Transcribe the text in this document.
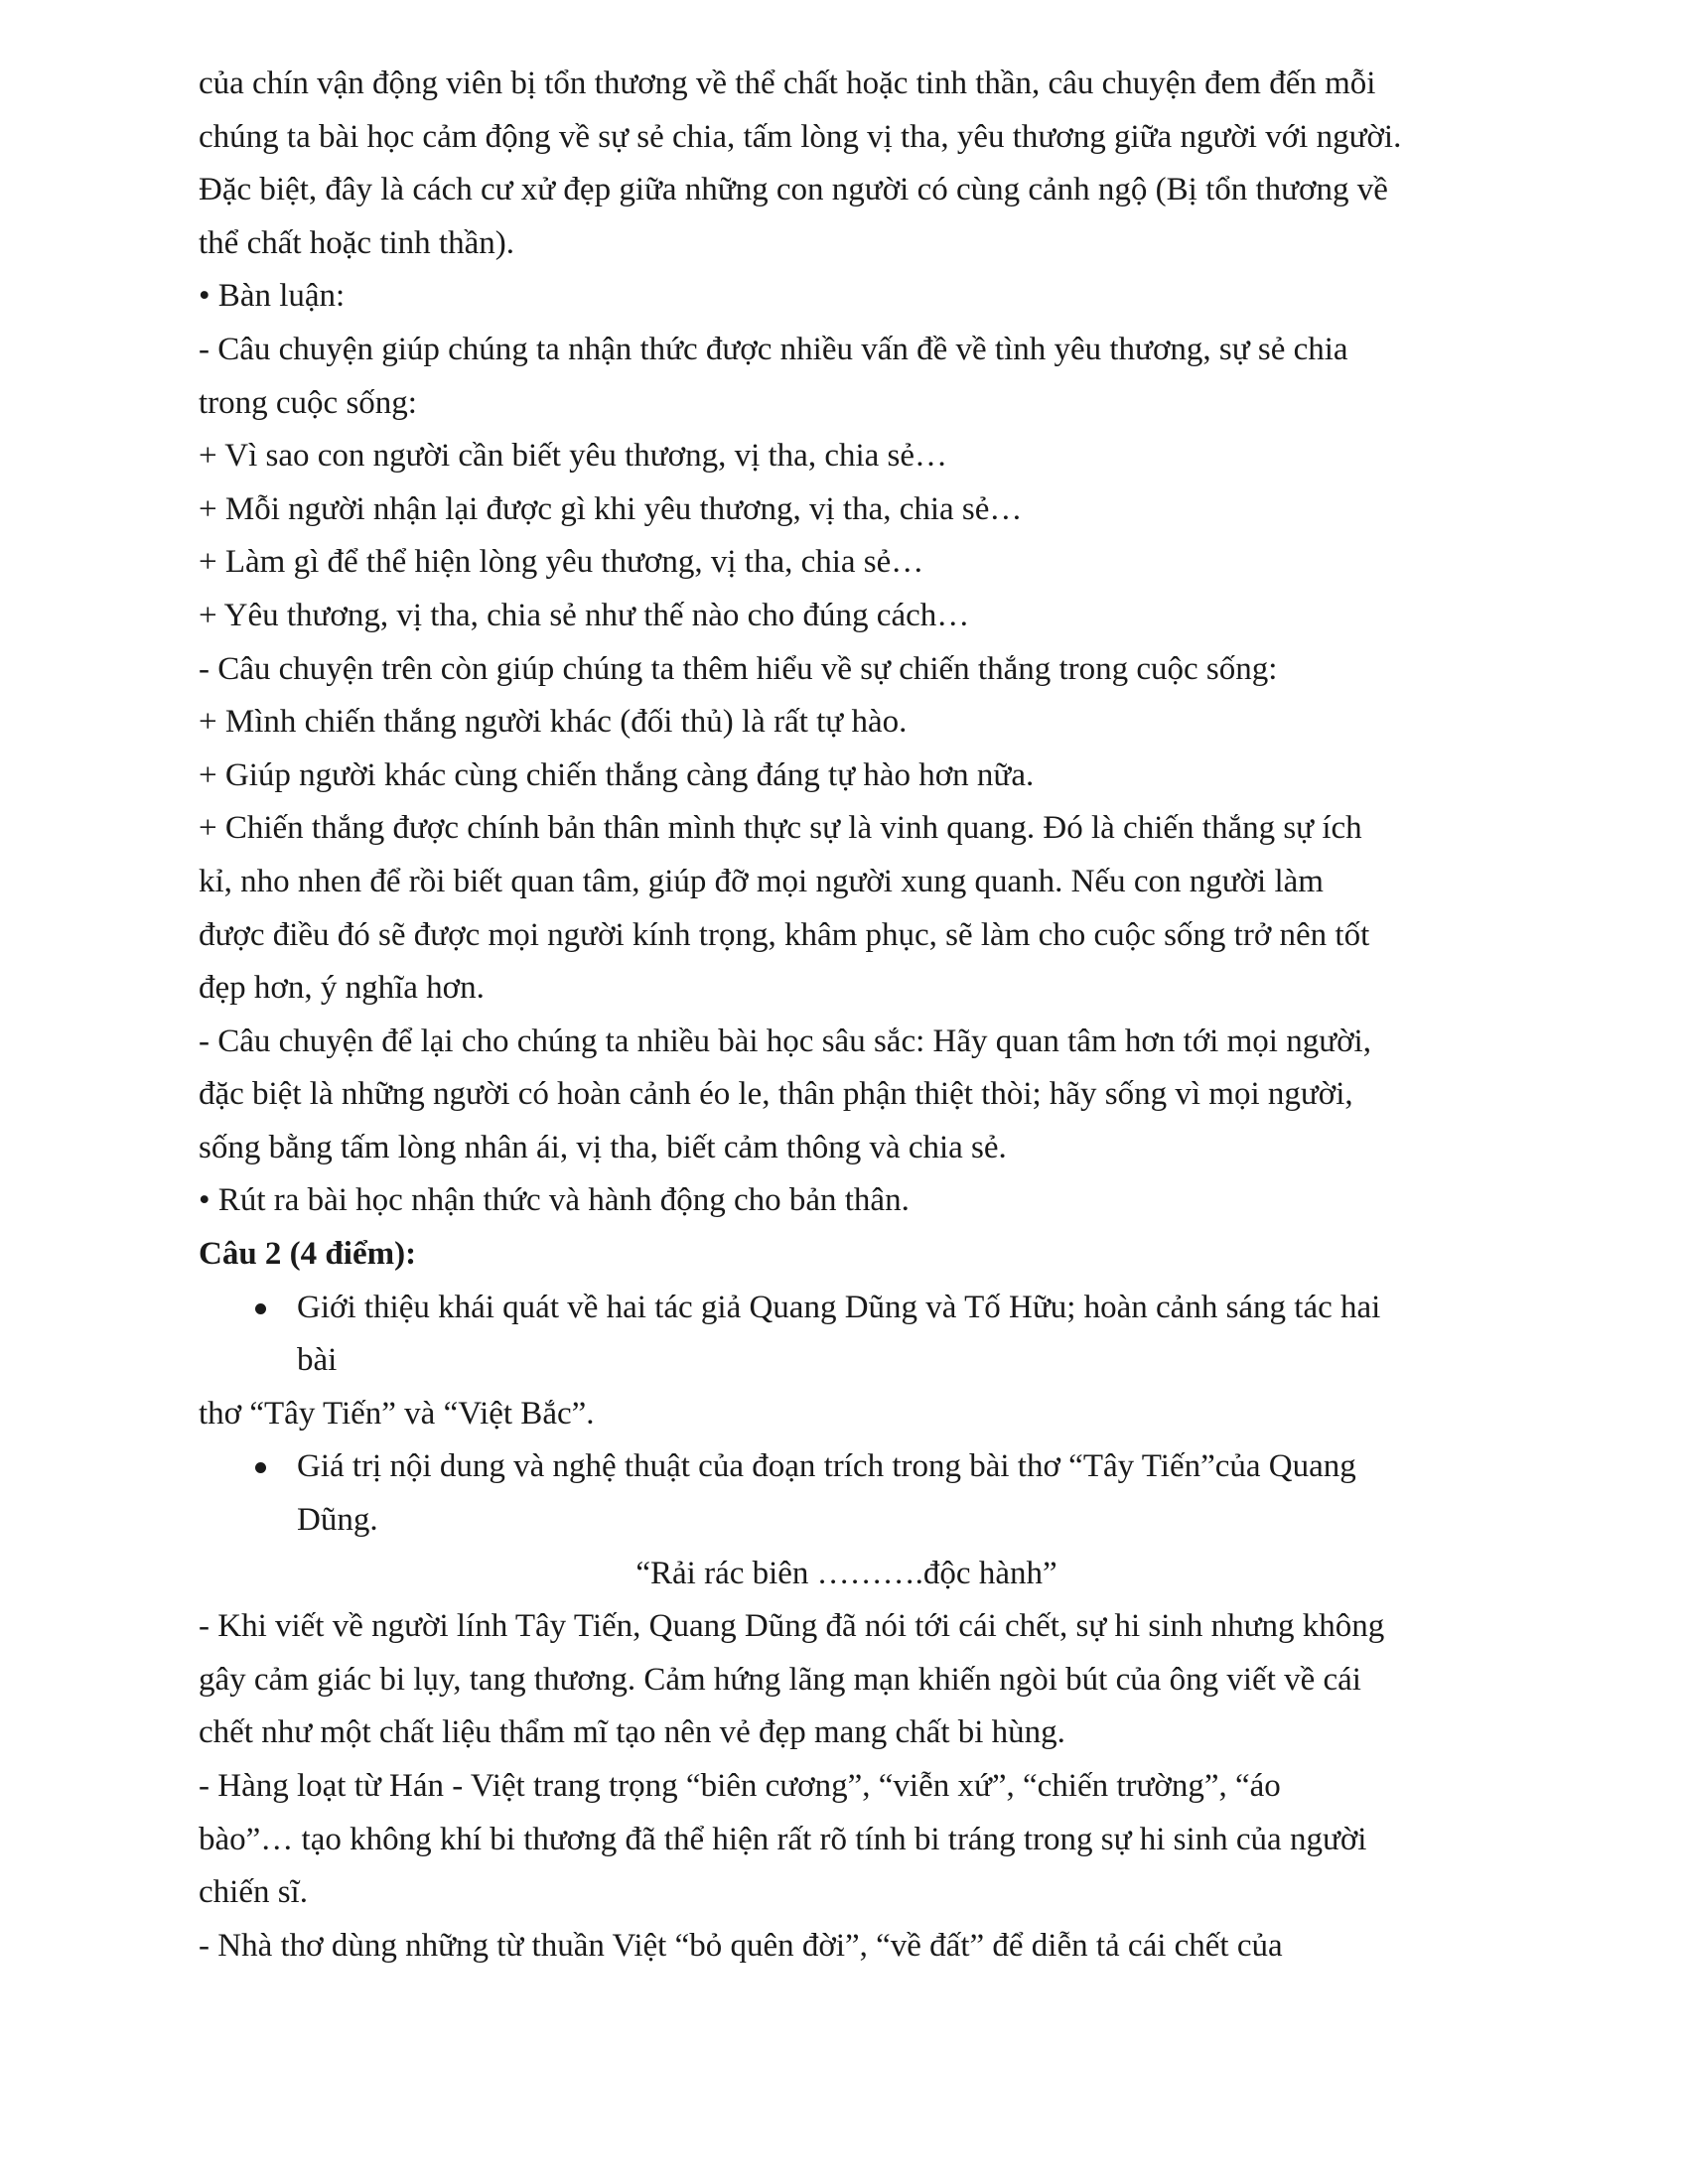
của chín vận động viên bị tổn thương về thể chất hoặc tinh thần, câu chuyện đem đến mỗi
chúng ta bài học cảm động về sự sẻ chia, tấm lòng vị tha, yêu thương giữa người với người.
Đặc biệt, đây là cách cư xử đẹp giữa những con người có cùng cảnh ngộ (Bị tổn thương về
thể chất hoặc tinh thần).
• Bàn luận:
- Câu chuyện giúp chúng ta nhận thức được nhiều vấn đề về tình yêu thương, sự sẻ chia
trong cuộc sống:
+ Vì sao con người cần biết yêu thương, vị tha, chia sẻ…
+ Mỗi người nhận lại được gì khi yêu thương, vị tha, chia sẻ…
+ Làm gì để thể hiện lòng yêu thương, vị tha, chia sẻ…
+ Yêu thương, vị tha, chia sẻ như thế nào cho đúng cách…
- Câu chuyện trên còn giúp chúng ta thêm hiểu về sự chiến thắng trong cuộc sống:
+ Mình chiến thắng người khác (đối thủ) là rất tự hào.
+ Giúp người khác cùng chiến thắng càng đáng tự hào hơn nữa.
+ Chiến thắng được chính bản thân mình thực sự là vinh quang. Đó là chiến thắng sự ích
kỉ, nho nhen để rồi biết quan tâm, giúp đỡ mọi người xung quanh. Nếu con người làm
được điều đó sẽ được mọi người kính trọng, khâm phục, sẽ làm cho cuộc sống trở nên tốt
đẹp hơn, ý nghĩa hơn.
- Câu chuyện để lại cho chúng ta nhiều bài học sâu sắc: Hãy quan tâm hơn tới mọi người,
đặc biệt là những người có hoàn cảnh éo le, thân phận thiệt thòi; hãy sống vì mọi người,
sống bằng tấm lòng nhân ái, vị tha, biết cảm thông và chia sẻ.
• Rút ra bài học nhận thức và hành động cho bản thân.
Câu 2 (4 điểm):
Giới thiệu khái quát về hai tác giả Quang Dũng và Tố Hữu; hoàn cảnh sáng tác hai
bài
thơ “Tây Tiến” và “Việt Bắc”.
Giá trị nội dung và nghệ thuật của đoạn trích trong bài thơ “Tây Tiến”của Quang
Dũng.
“Rải rác biên ……….độc hành”
- Khi viết về người lính Tây Tiến, Quang Dũng đã nói tới cái chết, sự hi sinh nhưng không
gây cảm giác bi lụy, tang thương. Cảm hứng lãng mạn khiến ngòi bút của ông viết về cái
chết như một chất liệu thẩm mĩ tạo nên vẻ đẹp mang chất bi hùng.
- Hàng loạt từ Hán - Việt trang trọng “biên cương”, “viễn xứ”, “chiến trường”, “áo
bào”… tạo không khí bi thương đã thể hiện rất rõ tính bi tráng trong sự hi sinh của người
chiến sĩ.
- Nhà thơ dùng những từ thuần Việt “bỏ quên đời”, “về đất” để diễn tả cái chết của
